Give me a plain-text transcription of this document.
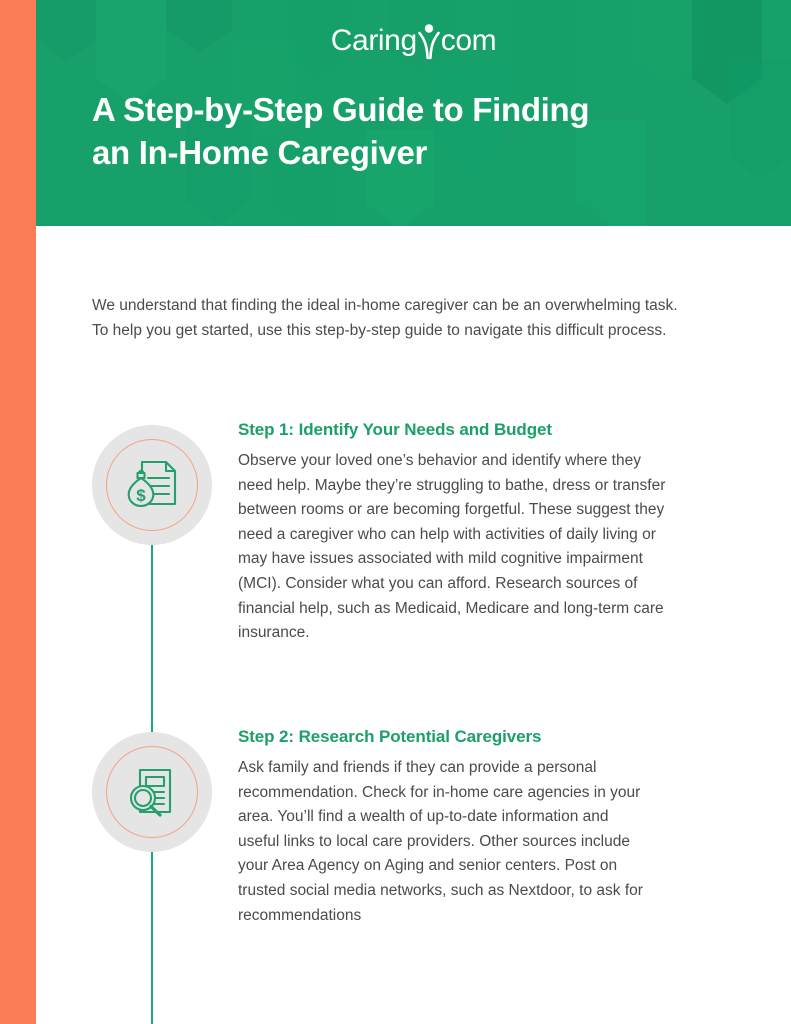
Caring com
A Step-by-Step Guide to Finding
an In-Home Caregiver
We understand that finding the ideal in-home caregiver can be an overwhelming task.
To help you get started, use this step-by-step guide to navigate this difficult process.
$
Step 1: Identify Your Needs and Budget
Observe your loved one’s behavior and identify where they
need help. Maybe they’re struggling to bathe, dress or transfer
between rooms or are becoming forgetful. These suggest they
need a caregiver who can help with activities of daily living or
may have issues associated with mild cognitive impairment
(MCI). Consider what you can afford. Research sources of
financial help, such as Medicaid, Medicare and long-term care
insurance.
Step 2: Research Potential Caregivers
Ask family and friends if they can provide a personal
recommendation. Check for in-home care agencies in your
area. You’ll find a wealth of up-to-date information and
useful links to local care providers. Other sources include
your Area Agency on Aging and senior centers. Post on
trusted social media networks, such as Nextdoor, to ask for
recommendations
